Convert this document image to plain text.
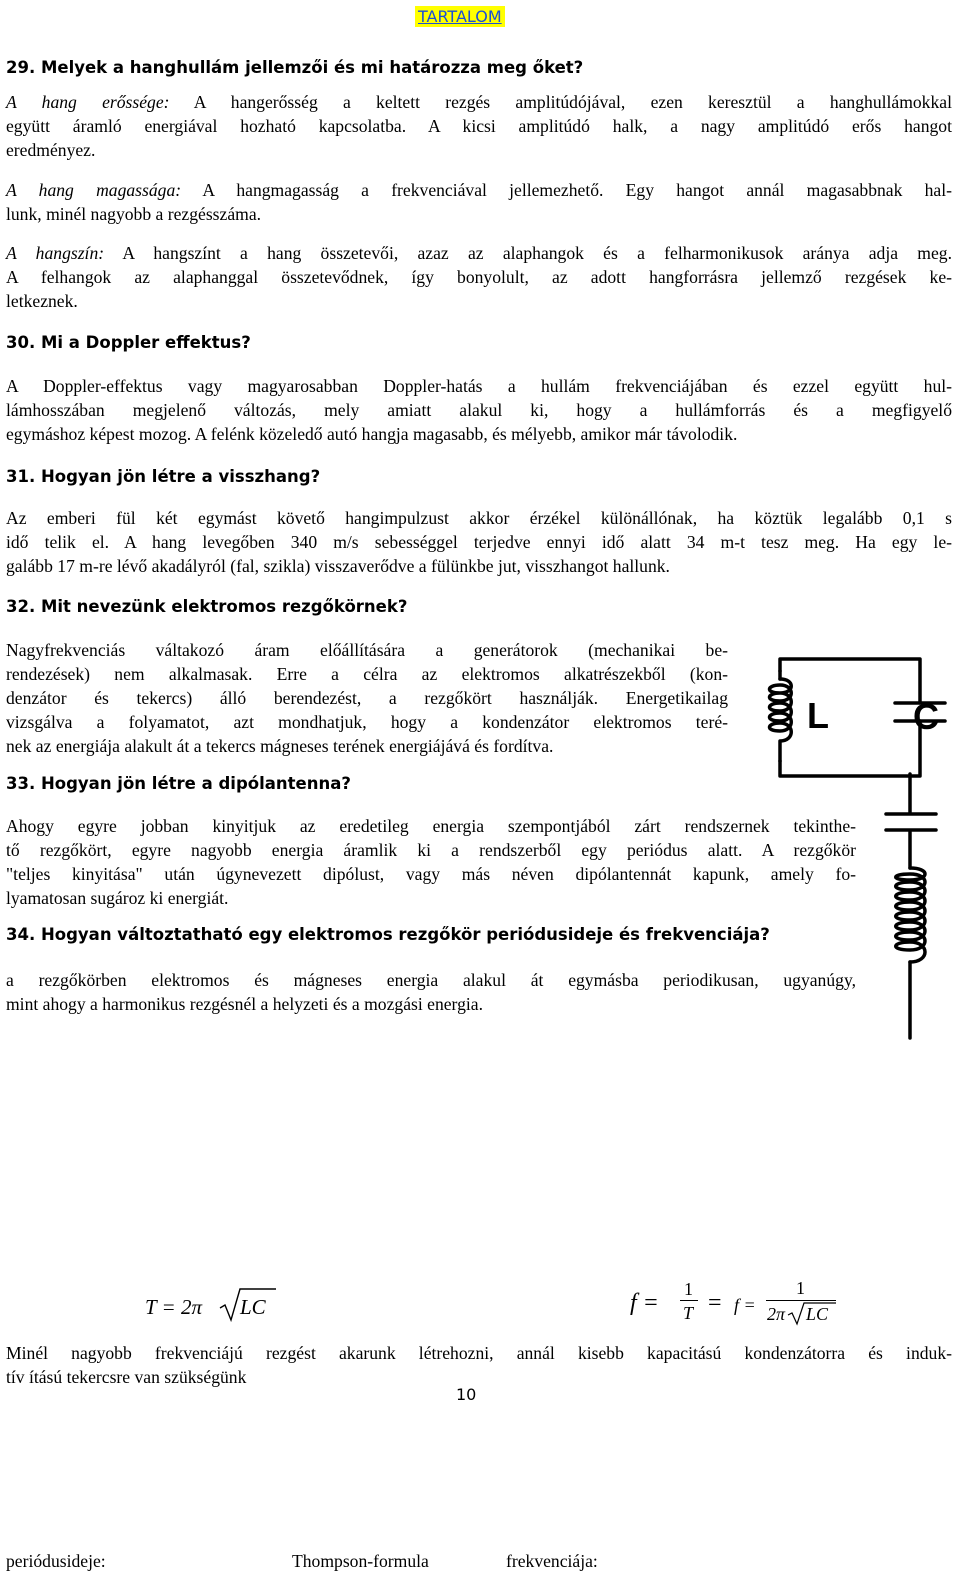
TARTALOM
29. Melyek a hanghullám jellemzői és mi határozza meg őket?
A hang erőssége: A hangerősség a keltett rezgés amplitúdójával, ezen keresztül a hanghullámokkal
együtt áramló energiával hozható kapcsolatba. A kicsi amplitúdó halk, a nagy amplitúdó erős hangot
eredményez.
A hang magassága: A hangmagasság a frekvenciával jellemezhető. Egy hangot annál magasabbnak hal-
lunk, minél nagyobb a rezgésszáma.
A hangszín: A hangszínt a hang összetevői, azaz az alaphangok és a felharmonikusok aránya adja meg.
A felhangok az alaphanggal összetevődnek, így bonyolult, az adott hangforrásra jellemző rezgések ke-
letkeznek.
30. Mi a Doppler effektus?
A Doppler-effektus vagy magyarosabban Doppler-hatás a hullám frekvenciájában és ezzel együtt hul-
lámhosszában megjelenő változás, mely amiatt alakul ki, hogy a hullámforrás és a megfigyelő
egymáshoz képest mozog. A felénk közeledő autó hangja magasabb, és mélyebb, amikor már távolodik.
31. Hogyan jön létre a visszhang?
Az emberi fül két egymást követő hangimpulzust akkor érzékel különállónak, ha köztük legalább 0,1 s
idő telik el. A hang levegőben 340 m/s sebességgel terjedve ennyi idő alatt 34 m-t tesz meg. Ha egy le-
galább 17 m-re lévő akadályról (fal, szikla) visszaverődve a fülünkbe jut, visszhangot hallunk.
32. Mit nevezünk elektromos rezgőkörnek?
Nagyfrekvenciás váltakozó áram előállítására a generátorok (mechanikai be-
rendezések) nem alkalmasak. Erre a célra az elektromos alkatrészekből (kon-
denzátor és tekercs) álló berendezést, a rezgőkört használják. Energetikailag
vizsgálva a folyamatot, azt mondhatjuk, hogy a kondenzátor elektromos teré-
nek az energiája alakult át a tekercs mágneses terének energiájává és fordítva.
L C
33. Hogyan jön létre a dipólantenna?
Ahogy egyre jobban kinyitjuk az eredetileg energia szempontjából zárt rendszernek tekinthe-
tő rezgőkört, egyre nagyobb energia áramlik ki a rendszerből egy periódus alatt. A rezgőkör
"teljes kinyitása" után úgynevezett dipólust, vagy más néven dipólantennát kapunk, amely fo-
lyamatosan sugároz ki energiát.
34. Hogyan változtatható egy elektromos rezgőkör periódusideje és frekvenciája?
a rezgőkörben elektromos és mágneses energia alakul át egymásba periodikusan, ugyanúgy,
mint ahogy a harmonikus rezgésnél a helyzeti és a mozgási energia.
periódusideje:
T = 2π LC
Thompson-formula	frekvenciája:
f =
1
T = f =
1
2π LC
Minél nagyobb frekvenciájú rezgést akarunk létrehozni, annál kisebb kapacitású kondenzátorra és induk-
tív ítású tekercsre van szükségünk
10
